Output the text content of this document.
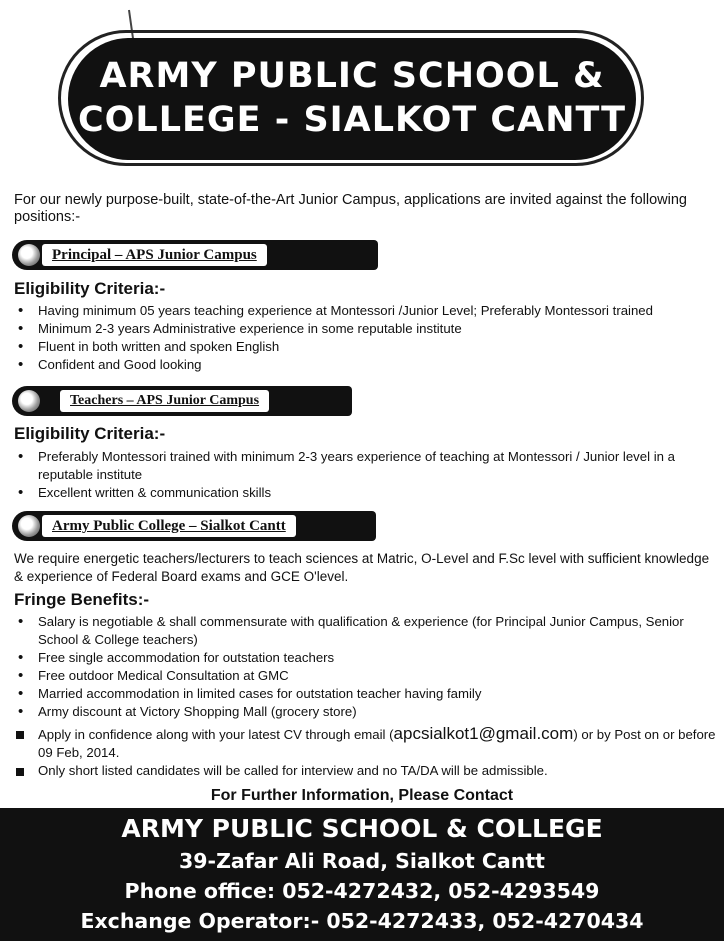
ARMY PUBLIC SCHOOL &
COLLEGE - SIALKOT CANTT
For our newly purpose-built, state-of-the-Art Junior Campus, applications are invited against the following positions:-
Principal – APS Junior Campus
Eligibility Criteria:-
• Having minimum 05 years teaching experience at Montessori /Junior Level; Preferably Montessori trained
• Minimum 2-3 years Administrative experience in some reputable institute
• Fluent in both written and spoken English
• Confident and Good looking
Teachers – APS Junior Campus
Eligibility Criteria:-
• Preferably Montessori trained with minimum 2-3 years experience of teaching at Montessori / Junior level in a reputable institute
• Excellent written & communication skills
Army Public College – Sialkot Cantt
We require energetic teachers/lecturers to teach sciences at Matric, O-Level and F.Sc level with sufficient knowledge & experience of Federal Board exams and GCE O'level.
Fringe Benefits:-
• Salary is negotiable & shall commensurate with qualification & experience (for Principal Junior Campus, Senior School & College teachers)
• Free single accommodation for outstation teachers
• Free outdoor Medical Consultation at GMC
• Married accommodation in limited cases for outstation teacher having family
• Army discount at Victory Shopping Mall (grocery store)
Apply in confidence along with your latest CV through email (apcsialkot1@gmail.com) or by Post on or before 09 Feb, 2014.
Only short listed candidates will be called for interview and no TA/DA will be admissible.
For Further Information, Please Contact
ARMY PUBLIC SCHOOL & COLLEGE
39-Zafar Ali Road, Sialkot Cantt
Phone office: 052-4272432, 052-4293549
Exchange Operator:- 052-4272433, 052-4270434
